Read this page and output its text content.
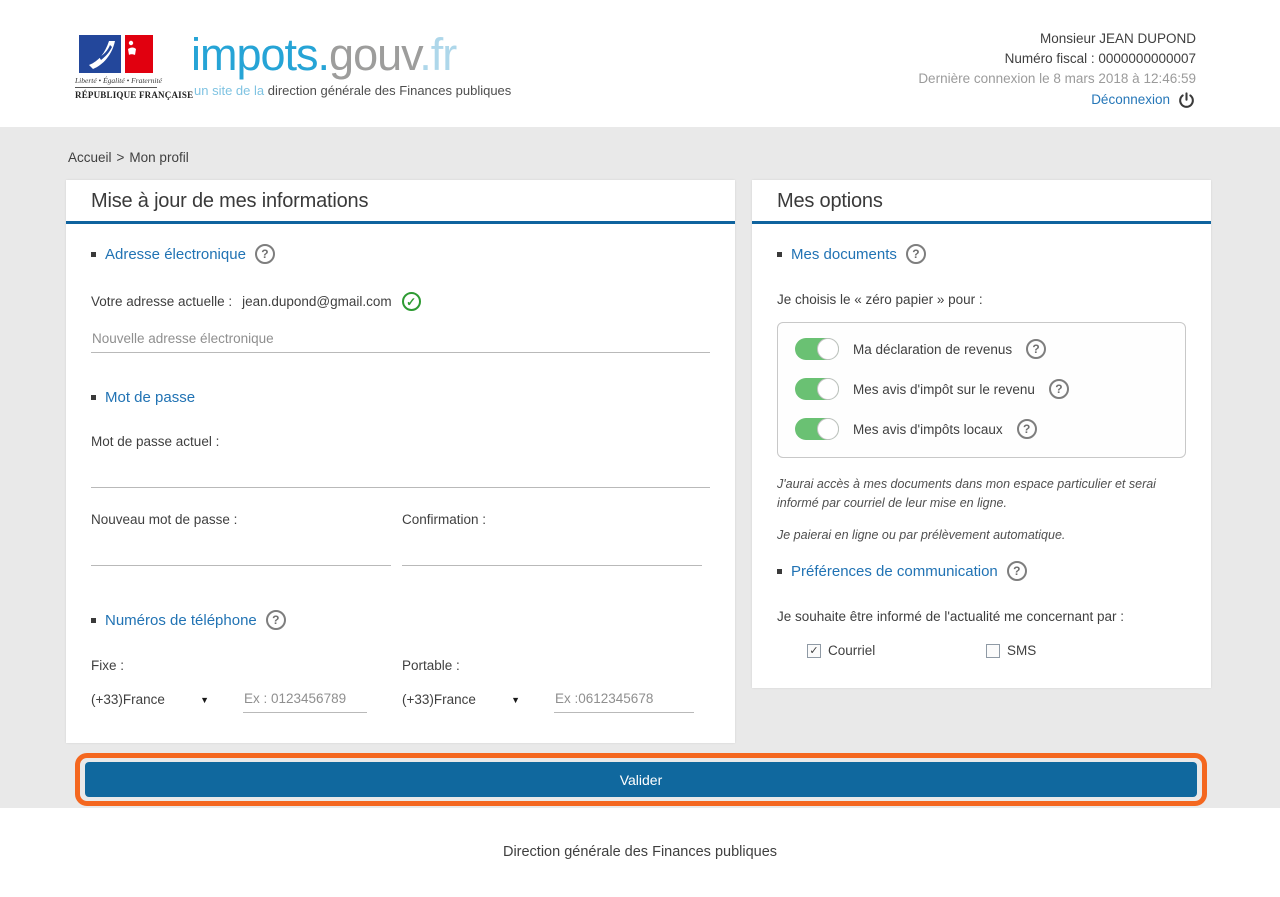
Liberté • Égalité • Fraternité
RÉPUBLIQUE FRANÇAISE
impots.gouv.fr
un site de la direction générale des Finances publiques
Monsieur JEAN DUPOND
Numéro fiscal : 0000000000007
Dernière connexion le 8 mars 2018 à 12:46:59
Déconnexion
Accueil > Mon profil
Mise à jour de mes informations
Adresse électronique	?
Votre adresse actuelle : jean.dupond@gmail.com	✓
Nouvelle adresse électronique
Mot de passe
Mot de passe actuel :
Nouveau mot de passe :	Confirmation :
Numéros de téléphone	?
Fixe :
(+33)France	▼
Ex : 0123456789
Portable :
(+33)France	▼
Ex :0612345678
Mes options
Mes documents	?
Je choisis le « zéro papier » pour :
Ma déclaration de revenus	?
Mes avis d'impôt sur le revenu	?
Mes avis d'impôts locaux	?
J'aurai accès à mes documents dans mon espace particulier et serai informé par courriel de leur mise en ligne.
Je paierai en ligne ou par prélèvement automatique.
Préférences de communication	?
Je souhaite être informé de l'actualité me concernant par :
✓ Courriel	SMS
Valider
Direction générale des Finances publiques
